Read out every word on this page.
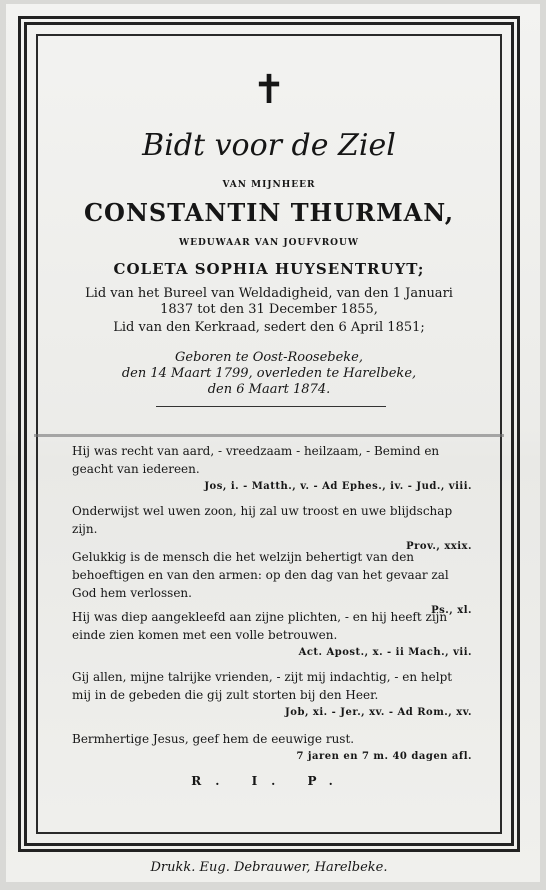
✝
Bidt voor de Ziel
VAN MIJNHEER
CONSTANTIN THURMAN,
WEDUWAAR VAN JOUFVROUW
COLETA SOPHIA HUYSENTRUYT;
Lid van het Bureel van Weldadigheid, van den 1 Januari
1837 tot den 31 December 1855,
Lid van den Kerkraad, sedert den 6 April 1851;
Geboren te Oost-Roosebeke,
den 14 Maart 1799, overleden te Harelbeke,
den 6 Maart 1874.
Hij was recht van aard, - vreedzaam - heilzaam, - Bemind en geacht van iedereen.
Jos, i. - Matth., v. - Ad Ephes., iv. - Jud., viii.
Onderwijst wel uwen zoon, hij zal uw troost en uwe blijdschap zijn.
Prov., xxix.
Gelukkig is de mensch die het welzijn behertigt van den behoeftigen en van den armen: op den dag van het gevaar zal God hem verlossen.
Ps., xl.
Hij was diep aangekleefd aan zijne plichten, - en hij heeft zijn einde zien komen met een volle betrouwen.
Act. Apost., x. - ii Mach., vii.
Gij allen, mijne talrijke vrienden, - zijt mij indachtig, - en helpt mij in de gebeden die gij zult storten bij den Heer.
Job, xi. - Jer., xv. - Ad Rom., xv.
Bermhertige Jesus, geef hem de eeuwige rust.
7 jaren en 7 m. 40 dagen afl.
R. I. P.
Drukk. Eug. Debrauwer, Harelbeke.
